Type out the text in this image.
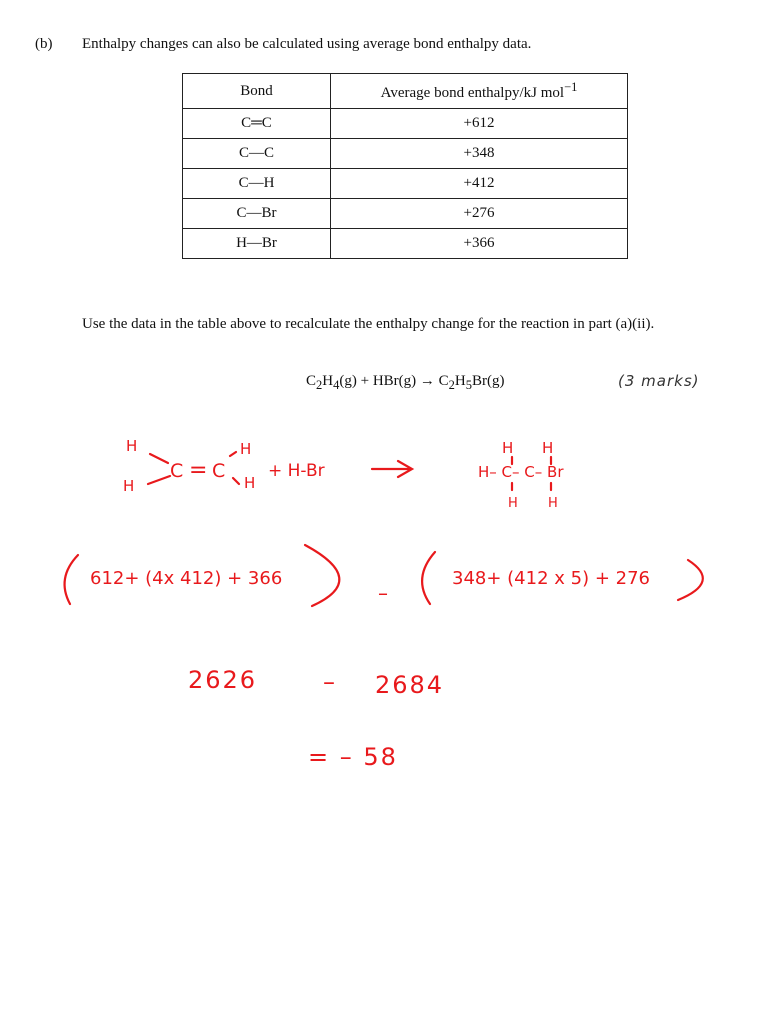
(b) Enthalpy changes can also be calculated using average bond enthalpy data.
Bond	Average bond enthalpy/kJ mol$^{-1}$
C═C	+612
C—C	+348
C—H	+412
C—Br	+276
H—Br	+366
Use the data in the table above to recalculate the enthalpy change for the reaction in part (a)(ii).
$C_2H_4(g) + HBr(g) \to C_2H_5Br(g)$	(3 marks)
H
H
C = C
H
H
+ H-Br
H H
H– C– C– Br
H H
612+ (4x 412) + 366
–
348+ (412 x 5) + 276
2626	– 2684
= – 58
